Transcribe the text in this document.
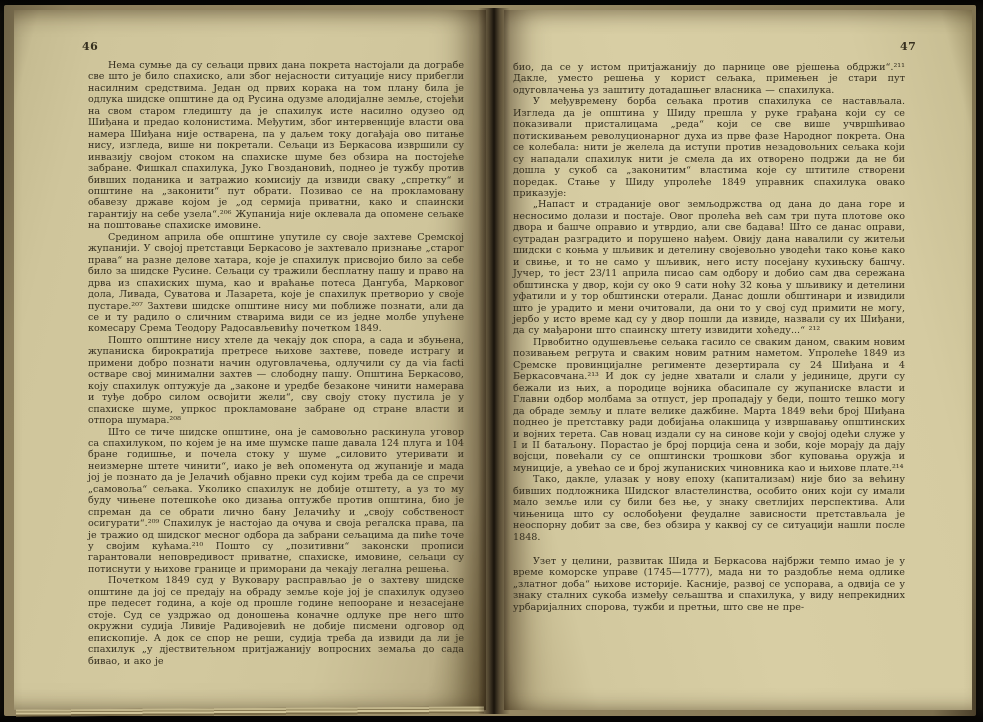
46

Нема сумње да су сељаци првих дана покрета настојали да дограбе све што је било спахиско, али због нејасности ситуације нису прибегли насилним средствима. Један од првих корака на том плану била је одлука шидске општине да од Русина одузме алодијалне земље, стојећи на свом старом гледишту да је спахилук исте насилно одузео од Шиђана и предао колонистима. Међутим, због интервенције власти ова намера Шиђана није остварена, па у даљем току догађаја ово питање нису, изгледа, више ни покретали. Сељаци из Беркасова извршили су инвазију својом стоком на спахиске шуме без обзира на постојеће забране. Фишкал спахилука, Јуко Гвоздановић, поднео је тужбу против бивших поданика и затражио комисију да извиди сваку „спретку“ и општине на „законити“ пут обрати. Позивао се на прокламовану обавезу државе којом је „од сермија приватни, како и спаински гарантију на себе узела“.²⁰⁶ Жупанија није оклевала да опомене сељаке на поштовање спахиске имовине.

Средином априла обе општине упутиле су своје захтеве Сремској жупанији. У својој претставци Беркасово је захтевало признање „старог права“ на разне делове хатара, које је спахилук присвојио било за себе било за шидске Русине. Сељаци су тражили бесплатну пашу и право на дрва из спахиских шума, као и враћање потеса Дангуба, Марковог дола, Ливада, Суватова и Лазарета, које је спахилук претворио у своје пустаре.²⁰⁷ Захтеви шидске општине нису ми поближе познати, али да се и ту радило о сличним стварима види се из једне молбе упућене комесару Срема Теодору Радосављевићу почетком 1849.

Пошто општине нису хтеле да чекају док спора, а сада и збуњена, жупаниска бирократија претресе њихове захтеве, поведе истрагу и примени добро познати начин одуговлачења, одлучили су да via facti остваре свој минимални захтев — слободну пашу. Општина Беркасово, коју спахилук оптужује да „законе и уредбе безаконе чинити намерава и туђе добро силом освојити жели“, сву своју стоку пустила је у спахиске шуме, упркос прокламоване забране од стране власти и отпора шумара.²⁰⁸

Што се тиче шидске општине, она је самовољно раскинула уговор са спахилуком, по којем је на име шумске паше давала 124 плуга и 104 бране годишње, и почела стоку у шуме „силовито утеривати и неизмерне штете чинити“, иако је већ опоменута од жупаније и мада јој је познато да је Јелачић објавно преки суд којим треба да се спречи „самовоља“ сељака. Уколико спахилук не добије отштету, а уз то му буду чињене потешкоће око дизања оптужбе против општина, био је спреман да се обрати лично бану Јелачићу и „своју собственост осигурати“.²⁰⁹ Спахилук је настојао да очува и своја регалска права, па је тражио од шидског месног одбора да забрани сељацима да пиће точе у својим кућама.²¹⁰ Пошто су „позитивни“ законски прописи гарантовали неповредивост приватне, спахиске, имовине, сељаци су потиснути у њихове границе и приморани да чекају легална решења.

Почетком 1849 суд у Вуковару расправљао је о захтеву шидске општине да јој се предају на обраду земље које јој је спахилук одузео пре педесет година, а које од прошле године непооране и незасејане стоје. Суд се уздржао од доношења коначне одлуке пре него што окружни судија Ливије Радивојевић не добије писмени одговор од епископије. А док се спор не реши, судија треба да извиди да ли је спахилук „у дјествитељном притјажанију вопросних земаља до сада бивао, и ако је

47

био, да се у истом притјажанију до парнице ове рјешења обдржи“.²¹¹ Дакле, уместо решења у корист сељака, примењен је стари пут одуговлачења уз заштиту дотадашњег власника — спахилука.

У међувремену борба сељака против спахилука се настављала. Изгледа да је општина у Шиду прешла у руке грађана који су се показивали присталицама „реда“ који се све више учвршћивао потискивањем револуционарног духа из прве фазе Народног покрета. Она се колебала: нити је желела да иступи против незадовољних сељака који су нападали спахилук нити је смела да их отворено подржи да не би дошла у сукоб са „законитим“ властима које су штитиле створени поредак. Стање у Шиду упролеће 1849 управник спахилука овако приказује:

„Напаст и страданије овог земљодржства од дана до дана горе и несносимо долази и постаје. Овог пролећа већ сам три пута плотове око двора и башче оправио и утврдио, али све бадава! Што се данас оправи, сутрадан разградито и порушено нађем. Овију дана навалили су житељи шидски с коњма у шљивик и детелину својевољно уводећи тако коње како и свиње, и то не само у шљивик, него исту посејану кухињску башчу. Јучер, то јест 23/11 априла писао сам одбору и добио сам два сережана обштинска у двор, који су око 9 сати ноћу 32 коња у шљивику и детелини уфатили и у тор обштински отерали. Данас дошли обштинари и извидили што је урадито и мени очитовали, да они то у свој суд примити не могу, јербо у исто време кад су у двор пошли да извиде, назвали су их Шиђани, да су мађарони што спаинску штету извидити хоћеду...“ ²¹²

Првобитно одушевљење сељака гасило се сваким даном, сваким новим позивањем регрута и сваким новим ратним наметом. Упролеће 1849 из Сремске провинцијалне регименте дезертирала су 24 Шиђана и 4 Беркасовчана.²¹³ И док су једне хватали и слали у јединице, други су бежали из њих, а породице војника обасипале су жупаниске власти и Главни одбор молбама за отпуст, јер пропадају у беди, пошто тешко могу да обраде земљу и плате велике дажбине. Марта 1849 већи број Шиђана поднео је претставку ради добијања олакшица у извршавању општинских и војних терета. Сав новац издали су на синове који у својој одећи служе у I и II батаљону. Порастао је број порција сена и зоби, које морају да дају војсци, повећали су се општински трошкови због куповања оружја и муниције, а увећао се и број жупаниских чиновника као и њихове плате.²¹⁴

Тако, дакле, улазак у нову епоху (капитализам) није био за већину бивших подложника Шидског властелинства, особито оних који су имали мало земље или су били без ње, у знаку светлијих перспектива. Али чињеница што су ослобођени феудалне зависности претстављала је неоспорну добит за све, без обзира у каквој су се ситуацији нашли после 1848.

Узет у целини, развитак Шида и Беркасова најбржи темпо имао је у време коморске управе (1745—1777), мада ни то раздобље нема одлике „златног доба“ њихове историје. Касније, развој се успорава, а одвија се у знаку сталних сукоба између сељаштва и спахилука, у виду непрекидних урбаријалних спорова, тужби и претњи, што све не пре-
